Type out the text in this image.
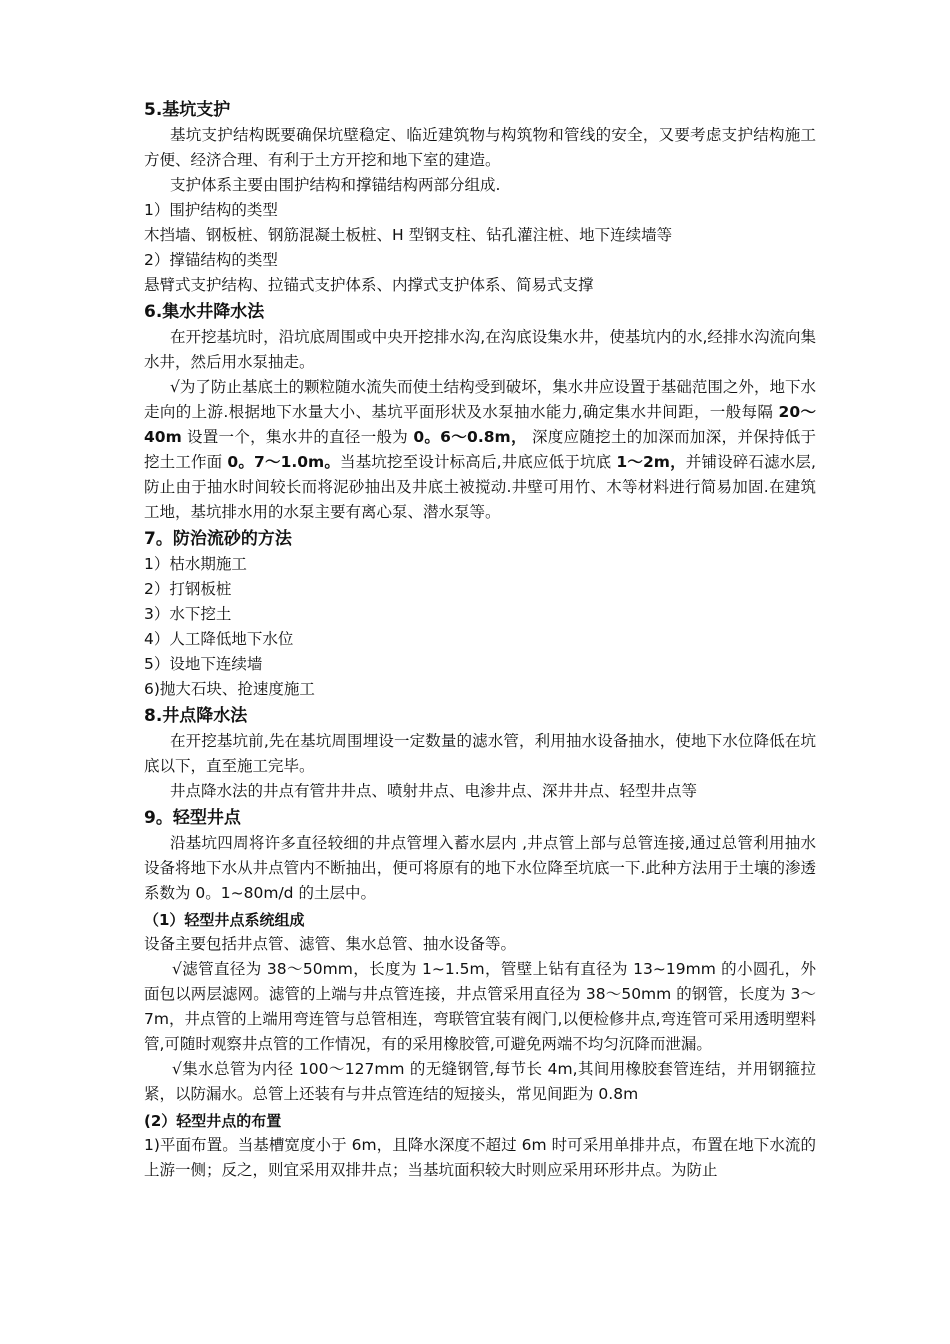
5.基坑支护

基坑支护结构既要确保坑壁稳定、临近建筑物与构筑物和管线的安全，又要考虑支护结构施工方便、经济合理、有利于土方开挖和地下室的建造。

支护体系主要由围护结构和撑锚结构两部分组成.

1）围护结构的类型

木挡墙、钢板桩、钢筋混凝土板桩、H 型钢支柱、钻孔灌注桩、地下连续墙等

2）撑锚结构的类型

悬臂式支护结构、拉锚式支护体系、内撑式支护体系、简易式支撑

6.集水井降水法

在开挖基坑时，沿坑底周围或中央开挖排水沟,在沟底设集水井，使基坑内的水,经排水沟流向集水井，然后用水泵抽走。

√为了防止基底土的颗粒随水流失而使土结构受到破坏，集水井应设置于基础范围之外，地下水走向的上游.根据地下水量大小、基坑平面形状及水泵抽水能力,确定集水井间距，一般每隔 20～40m 设置一个，集水井的直径一般为 0。6～0.8m， 深度应随挖土的加深而加深，并保持低于挖土工作面 0。7～1.0m。当基坑挖至设计标高后,井底应低于坑底 1～2m，并铺设碎石滤水层,防止由于抽水时间较长而将泥砂抽出及井底土被搅动.井壁可用竹、木等材料进行简易加固.在建筑工地，基坑排水用的水泵主要有离心泵、潜水泵等。

7。防治流砂的方法

1）枯水期施工

2）打钢板桩

3）水下挖土

4）人工降低地下水位

5）设地下连续墙

6)抛大石块、抢速度施工

8.井点降水法

在开挖基坑前,先在基坑周围埋设一定数量的滤水管，利用抽水设备抽水，使地下水位降低在坑底以下，直至施工完毕。

井点降水法的井点有管井井点、喷射井点、电渗井点、深井井点、轻型井点等

9。轻型井点

沿基坑四周将许多直径较细的井点管埋入蓄水层内 ,井点管上部与总管连接,通过总管利用抽水设备将地下水从井点管内不断抽出，便可将原有的地下水位降至坑底一下.此种方法用于土壤的渗透系数为 0。1~80m/d 的土层中。

（1）轻型井点系统组成

设备主要包括井点管、滤管、集水总管、抽水设备等。

√滤管直径为 38～50mm，长度为 1~1.5m，管壁上钻有直径为 13~19mm 的小圆孔，外面包以两层滤网。滤管的上端与井点管连接，井点管采用直径为 38～50mm 的钢管，长度为 3～7m，井点管的上端用弯连管与总管相连，弯联管宜装有阀门,以便检修井点,弯连管可采用透明塑料管,可随时观察井点管的工作情况，有的采用橡胶管,可避免两端不均匀沉降而泄漏。

√集水总管为内径 100～127mm 的无缝钢管,每节长 4m,其间用橡胶套管连结，并用钢箍拉紧，以防漏水。总管上还装有与井点管连结的短接头，常见间距为 0.8m

(2）轻型井点的布置

1)平面布置。当基槽宽度小于 6m，且降水深度不超过 6m 时可采用单排井点，布置在地下水流的上游一侧；反之，则宜采用双排井点；当基坑面积较大时则应采用环形井点。为防止
